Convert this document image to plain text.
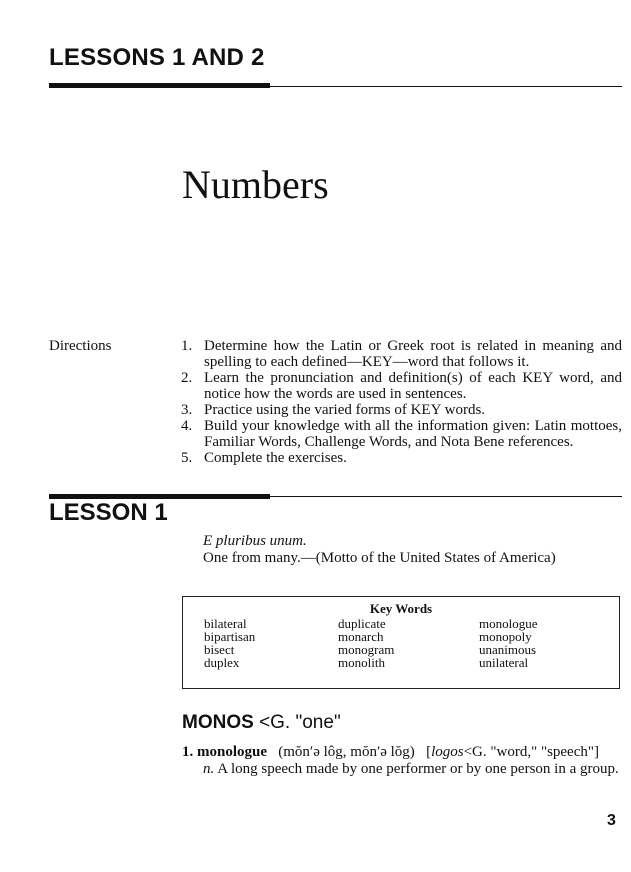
LESSONS 1 AND 2
Numbers
Directions	1. Determine how the Latin or Greek root is related in meaning and spelling to each defined—KEY—word that follows it.
2. Learn the pronunciation and definition(s) of each KEY word, and notice how the words are used in sentences.
3. Practice using the varied forms of KEY words.
4. Build your knowledge with all the information given: Latin mottoes, Familiar Words, Challenge Words, and Nota Bene references.
5. Complete the exercises.
LESSON 1
E pluribus unum.
One from many.—(Motto of the United States of America)
Key Words
bilateral
bipartisan
bisect
duplex
duplicate
monarch
monogram
monolith
monologue
monopoly
unanimous
unilateral
MONOS <G. "one"
1. monologue (mŏn′ə lôg, mŏn′ə lŏg) [logos<G. "word," "speech"]
n. A long speech made by one performer or by one person in a group.
3
